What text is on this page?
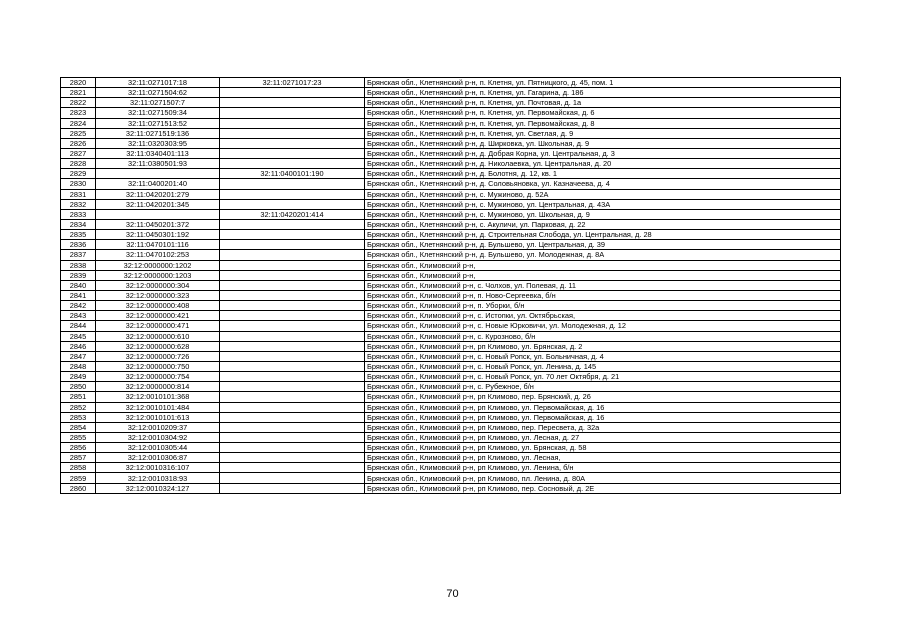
2820	32:11:0271017:18	32:11:0271017:23	Брянская обл., Клетнянский р-н, п. Клетня, ул. Пятницкого, д. 45, пом. 1
2821	32:11:0271504:62		Брянская обл., Клетнянский р-н, п. Клетня, ул. Гагарина, д. 186
2822	32:11:0271507:7		Брянская обл., Клетнянский р-н, п. Клетня, ул. Почтовая, д. 1а
2823	32:11:0271509:34		Брянская обл., Клетнянский р-н, п. Клетня, ул. Первомайская, д. 6
2824	32:11:0271513:52		Брянская обл., Клетнянский р-н, п. Клетня, ул. Первомайская, д. 8
2825	32:11:0271519:136		Брянская обл., Клетнянский р-н, п. Клетня, ул. Светлая, д. 9
2826	32:11:0320303:95		Брянская обл., Клетнянский р-н, д. Ширковка, ул. Школьная, д. 9
2827	32:11:0340401:113		Брянская обл., Клетнянский р-н, д. Добрая Корна, ул. Центральная, д. 3
2828	32:11:0380501:93		Брянская обл., Клетнянский р-н, д. Николаевка, ул. Центральная, д. 20
2829		32:11:0400101:190	Брянская обл., Клетнянский р-н, д. Болотня, д. 12, кв. 1
2830	32:11:0400201:40		Брянская обл., Клетнянский р-н, д. Соловьяновка, ул. Казначеева, д. 4
2831	32:11:0420201:279		Брянская обл., Клетнянский р-н, с. Мужиново, д. 52А
2832	32:11:0420201:345		Брянская обл., Клетнянский р-н, с. Мужиново, ул. Центральная, д. 43А
2833		32:11:0420201:414	Брянская обл., Клетнянский р-н, с. Мужиново, ул. Школьная, д. 9
2834	32:11:0450201:372		Брянская обл., Клетнянский р-н, с. Акуличи, ул. Парковая, д. 22
2835	32:11:0450301:192		Брянская обл., Клетнянский р-н, д. Строительная Слобода, ул. Центральная, д. 28
2836	32:11:0470101:116		Брянская обл., Клетнянский р-н, д. Бульшево, ул. Центральная, д. 39
2837	32:11:0470102:253		Брянская обл., Клетнянский р-н, д. Бульшево, ул. Молодежная, д. 8А
2838	32:12:0000000:1202		Брянская обл., Климовский р-н,
2839	32:12:0000000:1203		Брянская обл., Климовский р-н,
2840	32:12:0000000:304		Брянская обл., Климовский р-н, с. Чолхов, ул. Полевая, д. 11
2841	32:12:0000000:323		Брянская обл., Климовский р-н, п. Ново-Сергеевка, б/н
2842	32:12:0000000:408		Брянская обл., Климовский р-н, п. Уборки, б/н
2843	32:12:0000000:421		Брянская обл., Климовский р-н, с. Истопки, ул. Октябрьская,
2844	32:12:0000000:471		Брянская обл., Климовский р-н, с. Новые Юрковичи, ул. Молодежная, д. 12
2845	32:12:0000000:610		Брянская обл., Климовский р-н, с. Курозново, б/н
2846	32:12:0000000:628		Брянская обл., Климовский р-н, рп Климово, ул. Брянская, д. 2
2847	32:12:0000000:726		Брянская обл., Климовский р-н, с. Новый Ропск, ул. Больничная, д. 4
2848	32:12:0000000:750		Брянская обл., Климовский р-н, с. Новый Ропск, ул. Ленина, д. 145
2849	32:12:0000000:754		Брянская обл., Климовский р-н, с. Новый Ропск, ул. 70 лет Октября, д. 21
2850	32:12:0000000:814		Брянская обл., Климовский р-н, с. Рубежное, б/н
2851	32:12:0010101:368		Брянская обл., Климовский р-н, рп Климово, пер. Брянский, д. 26
2852	32:12:0010101:484		Брянская обл., Климовский р-н, рп Климово, ул. Первомайская, д. 16
2853	32:12:0010101:613		Брянская обл., Климовский р-н, рп Климово, ул. Первомайская, д. 16
2854	32:12:0010209:37		Брянская обл., Климовский р-н, рп Климово, пер. Пересвета, д. 32а
2855	32:12:0010304:92		Брянская обл., Климовский р-н, рп Климово, ул. Лесная, д. 27
2856	32:12:0010305:44		Брянская обл., Климовский р-н, рп Климово, ул. Брянская, д. 58
2857	32:12:0010306:87		Брянская обл., Климовский р-н, рп Климово, ул. Лесная,
2858	32:12:0010316:107		Брянская обл., Климовский р-н, рп Климово, ул. Ленина, б/н
2859	32:12:0010318:93		Брянская обл., Климовский р-н, рп Климово, пл. Ленина, д. 80А
2860	32:12:0010324:127		Брянская обл., Климовский р-н, рп Климово, пер. Сосновый, д. 2Е
70
